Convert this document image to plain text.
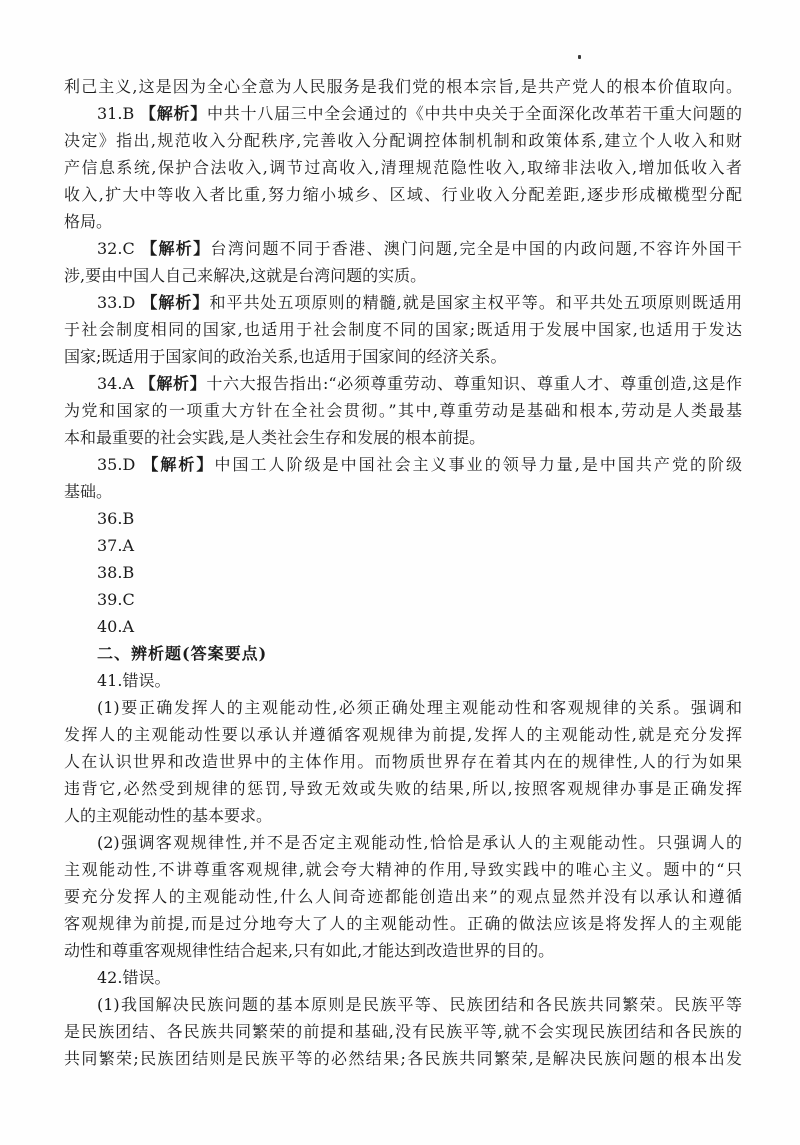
利己主义,这是因为全心全意为人民服务是我们党的根本宗旨,是共产党人的根本价值取向。
31.B 【解析】中共十八届三中全会通过的《中共中央关于全面深化改革若干重大问题的
决定》指出,规范收入分配秩序,完善收入分配调控体制机制和政策体系,建立个人收入和财
产信息系统,保护合法收入,调节过高收入,清理规范隐性收入,取缔非法收入,增加低收入者
收入,扩大中等收入者比重,努力缩小城乡、区域、行业收入分配差距,逐步形成橄榄型分配
格局。
32.C 【解析】台湾问题不同于香港、澳门问题,完全是中国的内政问题,不容许外国干
涉,要由中国人自己来解决,这就是台湾问题的实质。
33.D 【解析】和平共处五项原则的精髓,就是国家主权平等。和平共处五项原则既适用
于社会制度相同的国家,也适用于社会制度不同的国家;既适用于发展中国家,也适用于发达
国家;既适用于国家间的政治关系,也适用于国家间的经济关系。
34.A 【解析】十六大报告指出:“必须尊重劳动、尊重知识、尊重人才、尊重创造,这是作
为党和国家的一项重大方针在全社会贯彻。”其中,尊重劳动是基础和根本,劳动是人类最基
本和最重要的社会实践,是人类社会生存和发展的根本前提。
35.D 【解析】中国工人阶级是中国社会主义事业的领导力量,是中国共产党的阶级
基础。
36.B
37.A
38.B
39.C
40.A
二、辨析题(答案要点)
41.错误。
(1)要正确发挥人的主观能动性,必须正确处理主观能动性和客观规律的关系。强调和
发挥人的主观能动性要以承认并遵循客观规律为前提,发挥人的主观能动性,就是充分发挥
人在认识世界和改造世界中的主体作用。而物质世界存在着其内在的规律性,人的行为如果
违背它,必然受到规律的惩罚,导致无效或失败的结果,所以,按照客观规律办事是正确发挥
人的主观能动性的基本要求。
(2)强调客观规律性,并不是否定主观能动性,恰恰是承认人的主观能动性。只强调人的
主观能动性,不讲尊重客观规律,就会夸大精神的作用,导致实践中的唯心主义。题中的“只
要充分发挥人的主观能动性,什么人间奇迹都能创造出来”的观点显然并没有以承认和遵循
客观规律为前提,而是过分地夸大了人的主观能动性。正确的做法应该是将发挥人的主观能
动性和尊重客观规律性结合起来,只有如此,才能达到改造世界的目的。
42.错误。
(1)我国解决民族问题的基本原则是民族平等、民族团结和各民族共同繁荣。民族平等
是民族团结、各民族共同繁荣的前提和基础,没有民族平等,就不会实现民族团结和各民族的
共同繁荣;民族团结则是民族平等的必然结果;各民族共同繁荣,是解决民族问题的根本出发
